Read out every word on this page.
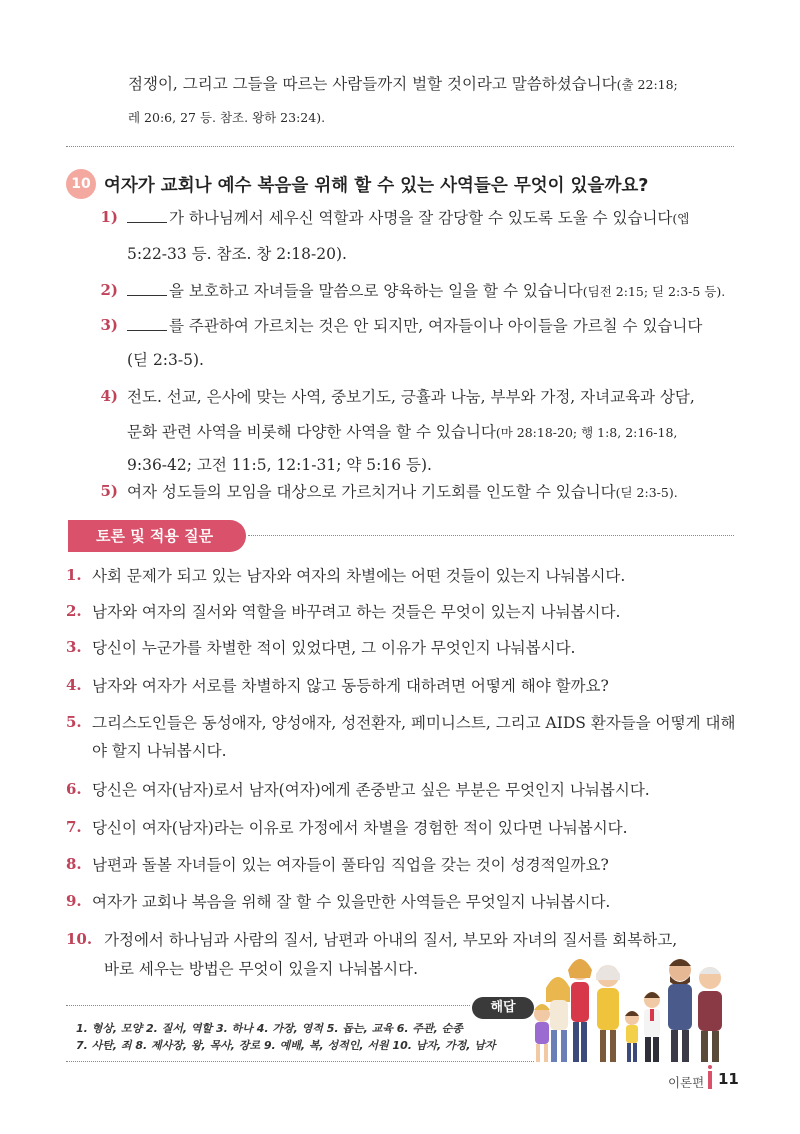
점쟁이, 그리고 그들을 따르는 사람들까지 벌할 것이라고 말씀하셨습니다(출 22:18;
레 20:6, 27 등. 참조. 왕하 23:24).
10 여자가 교회나 예수 복음을 위해 할 수 있는 사역들은 무엇이 있을까요?
1)	가 하나님께서 세우신 역할과 사명을 잘 감당할 수 있도록 도울 수 있습니다(엡
5:22-33 등. 참조. 창 2:18-20).
2)	을 보호하고 자녀들을 말씀으로 양육하는 일을 할 수 있습니다(딤전 2:15; 딛 2:3-5 등).
3)	를 주관하여 가르치는 것은 안 되지만, 여자들이나 아이들을 가르칠 수 있습니다
(딛 2:3-5).
4) 전도. 선교, 은사에 맞는 사역, 중보기도, 긍휼과 나눔, 부부와 가정, 자녀교육과 상담,
문화 관련 사역을 비롯해 다양한 사역을 할 수 있습니다(마 28:18-20; 행 1:8, 2:16-18,
9:36-42; 고전 11:5, 12:1-31; 약 5:16 등).
5) 여자 성도들의 모임을 대상으로 가르치거나 기도회를 인도할 수 있습니다(딛 2:3-5).
토론 및 적용 질문
1. 사회 문제가 되고 있는 남자와 여자의 차별에는 어떤 것들이 있는지 나눠봅시다.
2. 남자와 여자의 질서와 역할을 바꾸려고 하는 것들은 무엇이 있는지 나눠봅시다.
3. 당신이 누군가를 차별한 적이 있었다면, 그 이유가 무엇인지 나눠봅시다.
4. 남자와 여자가 서로를 차별하지 않고 동등하게 대하려면 어떻게 해야 할까요?
5. 그리스도인들은 동성애자, 양성애자, 성전환자, 페미니스트, 그리고 AIDS 환자들을 어떻게 대해
야 할지 나눠봅시다.
6. 당신은 여자(남자)로서 남자(여자)에게 존중받고 싶은 부분은 무엇인지 나눠봅시다.
7. 당신이 여자(남자)라는 이유로 가정에서 차별을 경험한 적이 있다면 나눠봅시다.
8. 남편과 돌볼 자녀들이 있는 여자들이 풀타임 직업을 갖는 것이 성경적일까요?
9. 여자가 교회나 복음을 위해 잘 할 수 있을만한 사역들은 무엇일지 나눠봅시다.
10. 가정에서 하나님과 사람의 질서, 남편과 아내의 질서, 부모와 자녀의 질서를 회복하고,
바로 세우는 방법은 무엇이 있을지 나눠봅시다.
해답
1. 형상, 모양 2. 질서, 역할 3. 하나 4. 가장, 영적 5. 돕는, 교육 6. 주관, 순종
7. 사탄, 죄 8. 제사장, 왕, 목사, 장로 9. 예배, 복, 성적인, 서원 10. 남자, 가정, 남자
이론편 11
